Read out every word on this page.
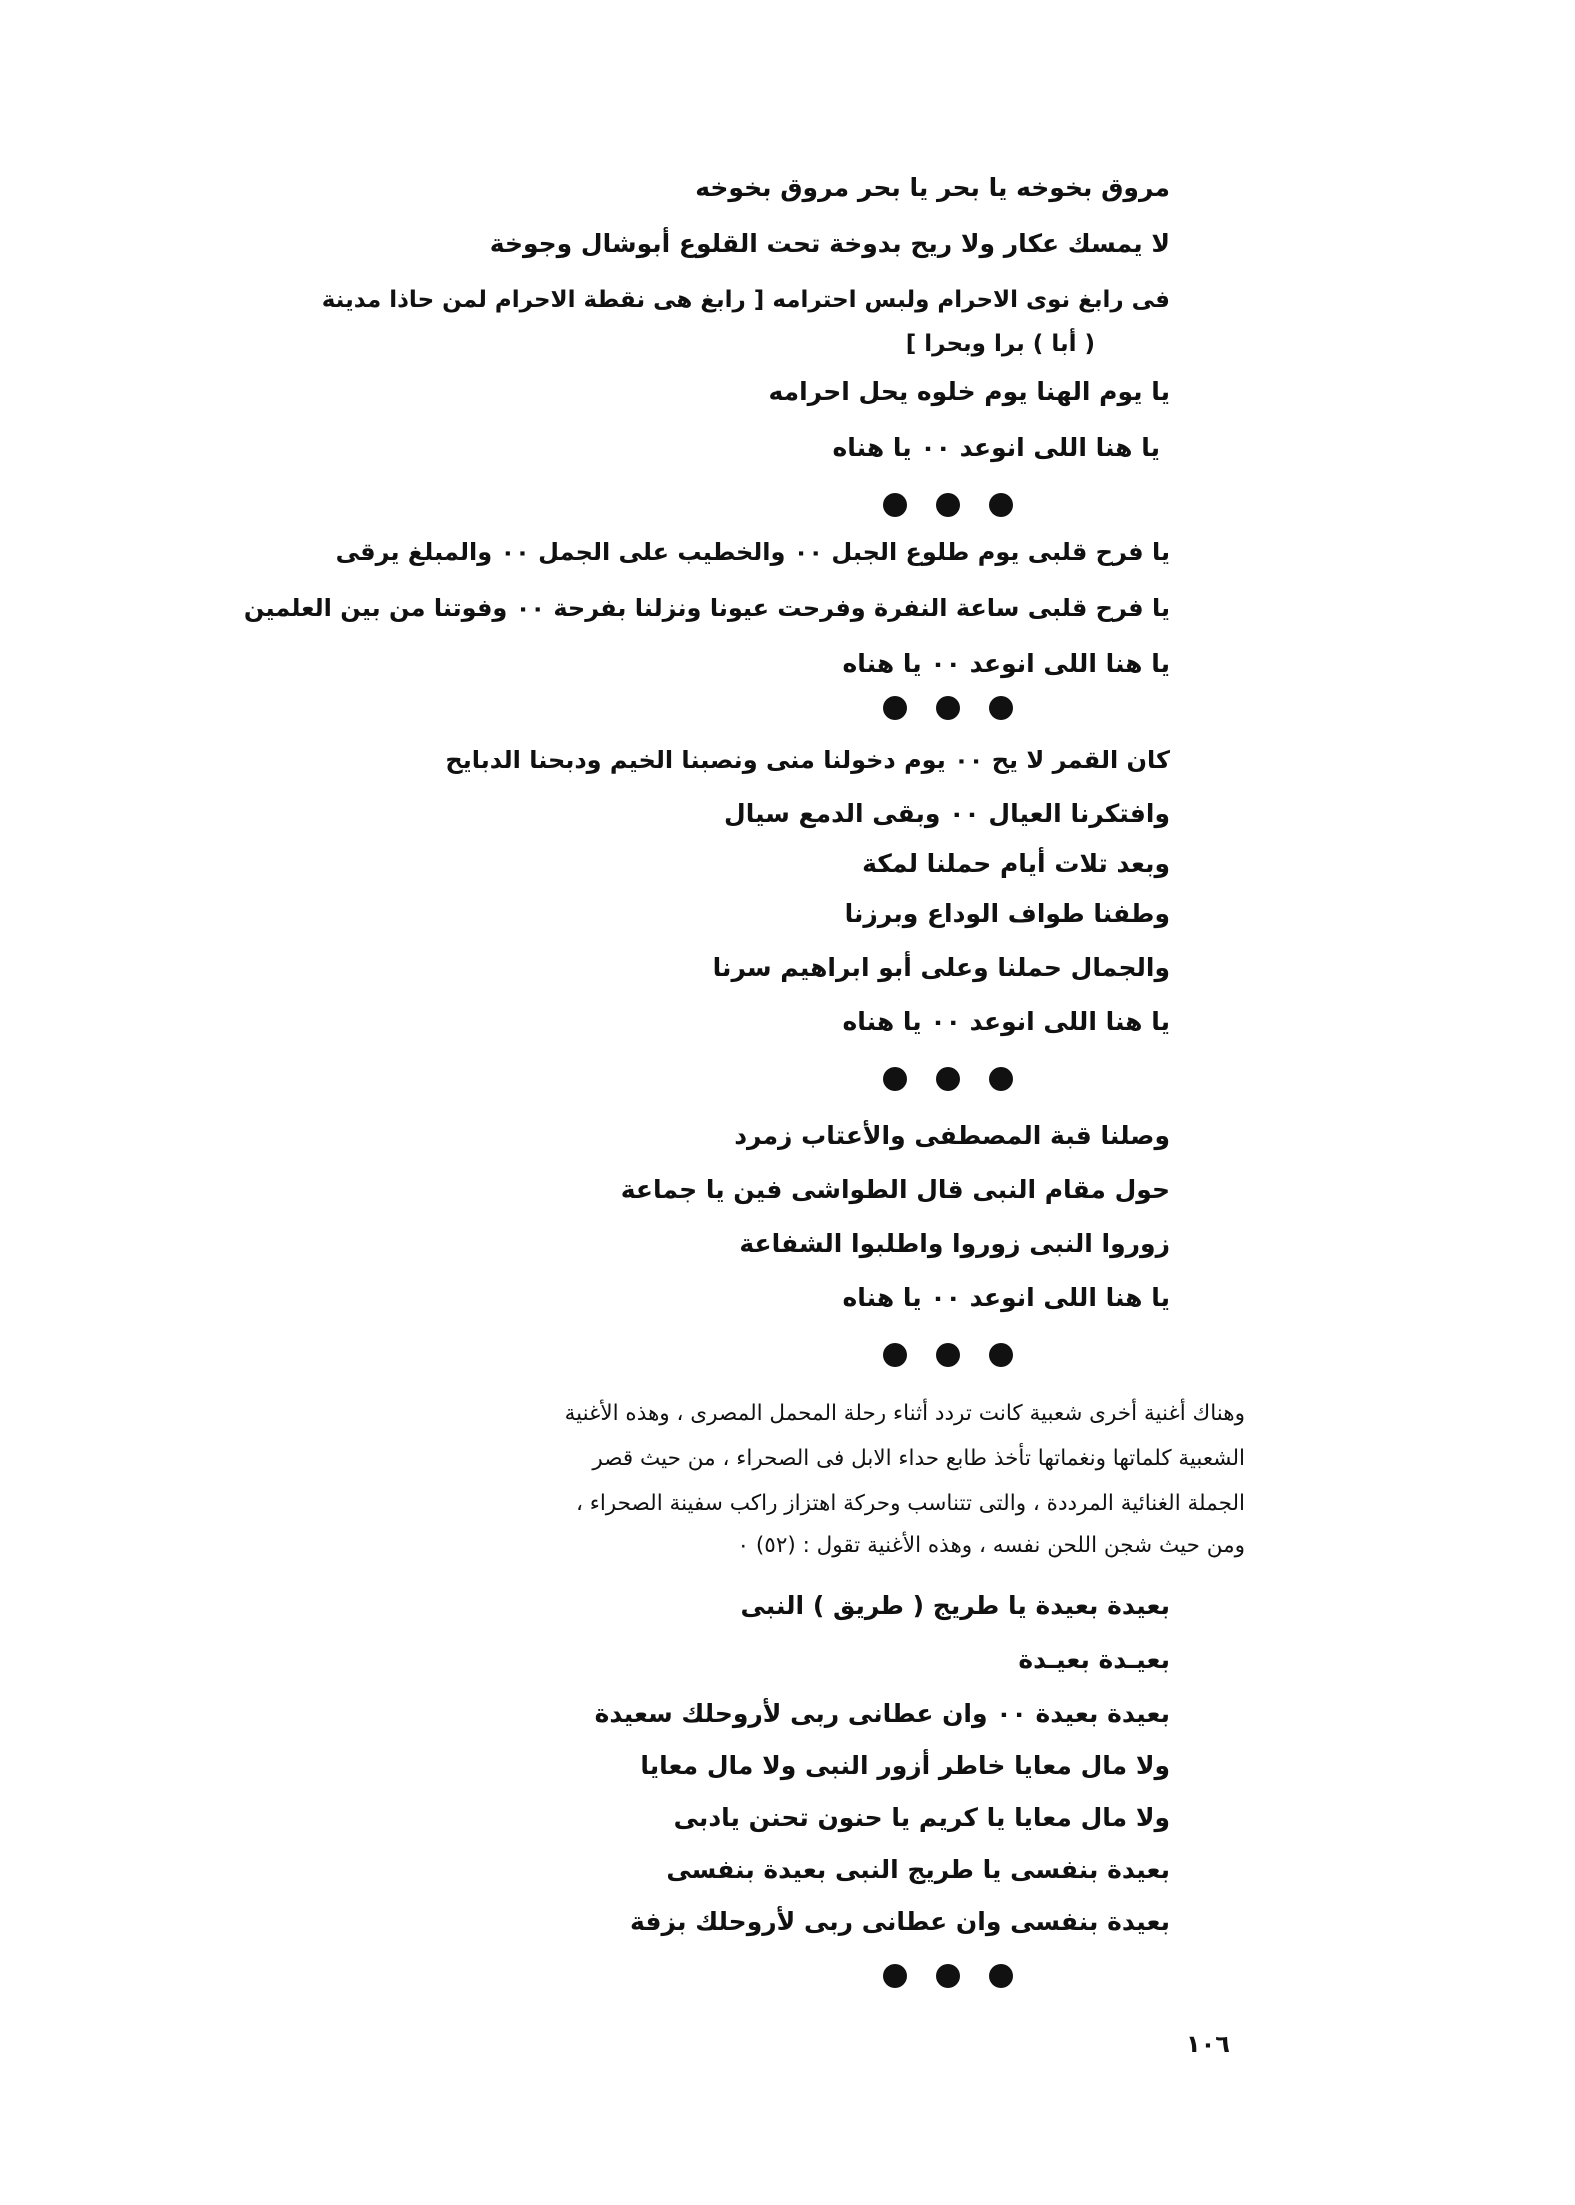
مروق بخوخه يا بحر يا بحر مروق بخوخه
لا يمسك عكار ولا ريح بدوخة تحت القلوع أبوشال وجوخة
فى رابغ نوى الاحرام ولبس احترامه [ رابغ هى نقطة الاحرام لمن حاذا مدينة
( أبا ) برا وبحرا ]
يا يوم الهنا يوم خلوه يحل احرامه
يا هنا اللى انوعد ٠٠ يا هناه
يا فرح قلبى يوم طلوع الجبل ٠٠ والخطيب على الجمل ٠٠ والمبلغ يرقى
يا فرح قلبى ساعة النفرة وفرحت عيونا ونزلنا بفرحة ٠٠ وفوتنا من بين العلمين
يا هنا اللى انوعد ٠٠ يا هناه
كان القمر لا يح ٠٠ يوم دخولنا منى ونصبنا الخيم ودبحنا الدبايح
وافتكرنا العيال ٠٠ وبقى الدمع سيال
وبعد تلات أيام حملنا لمكة
وطفنا طواف الوداع وبرزنا
والجمال حملنا وعلى أبو ابراهيم سرنا
يا هنا اللى انوعد ٠٠ يا هناه
وصلنا قبة المصطفى والأعتاب زمرد
حول مقام النبى قال الطواشى فين يا جماعة
زوروا النبى زوروا واطلبوا الشفاعة
يا هنا اللى انوعد ٠٠ يا هناه
وهناك أغنية أخرى شعبية كانت تردد أثناء رحلة المحمل المصرى ، وهذه الأغنية
الشعبية كلماتها ونغماتها تأخذ طابع حداء الابل فى الصحراء ، من حيث قصر
الجملة الغنائية المرددة ، والتى تتناسب وحركة اهتزاز راكب سفينة الصحراء ،
ومن حيث شجن اللحن نفسه ، وهذه الأغنية تقول : (٥٢) ٠
بعيدة بعيدة يا طريج ( طريق ) النبى
بعيـدة بعيـدة
بعيدة بعيدة ٠٠ وان عطانى ربى لأروحلك سعيدة
ولا مال معايا خاطر أزور النبى ولا مال معايا
ولا مال معايا يا كريم يا حنون تحنن يادبى
بعيدة بنفسى يا طريج النبى بعيدة بنفسى
بعيدة بنفسى وان عطانى ربى لأروحلك بزفة
١٠٦
